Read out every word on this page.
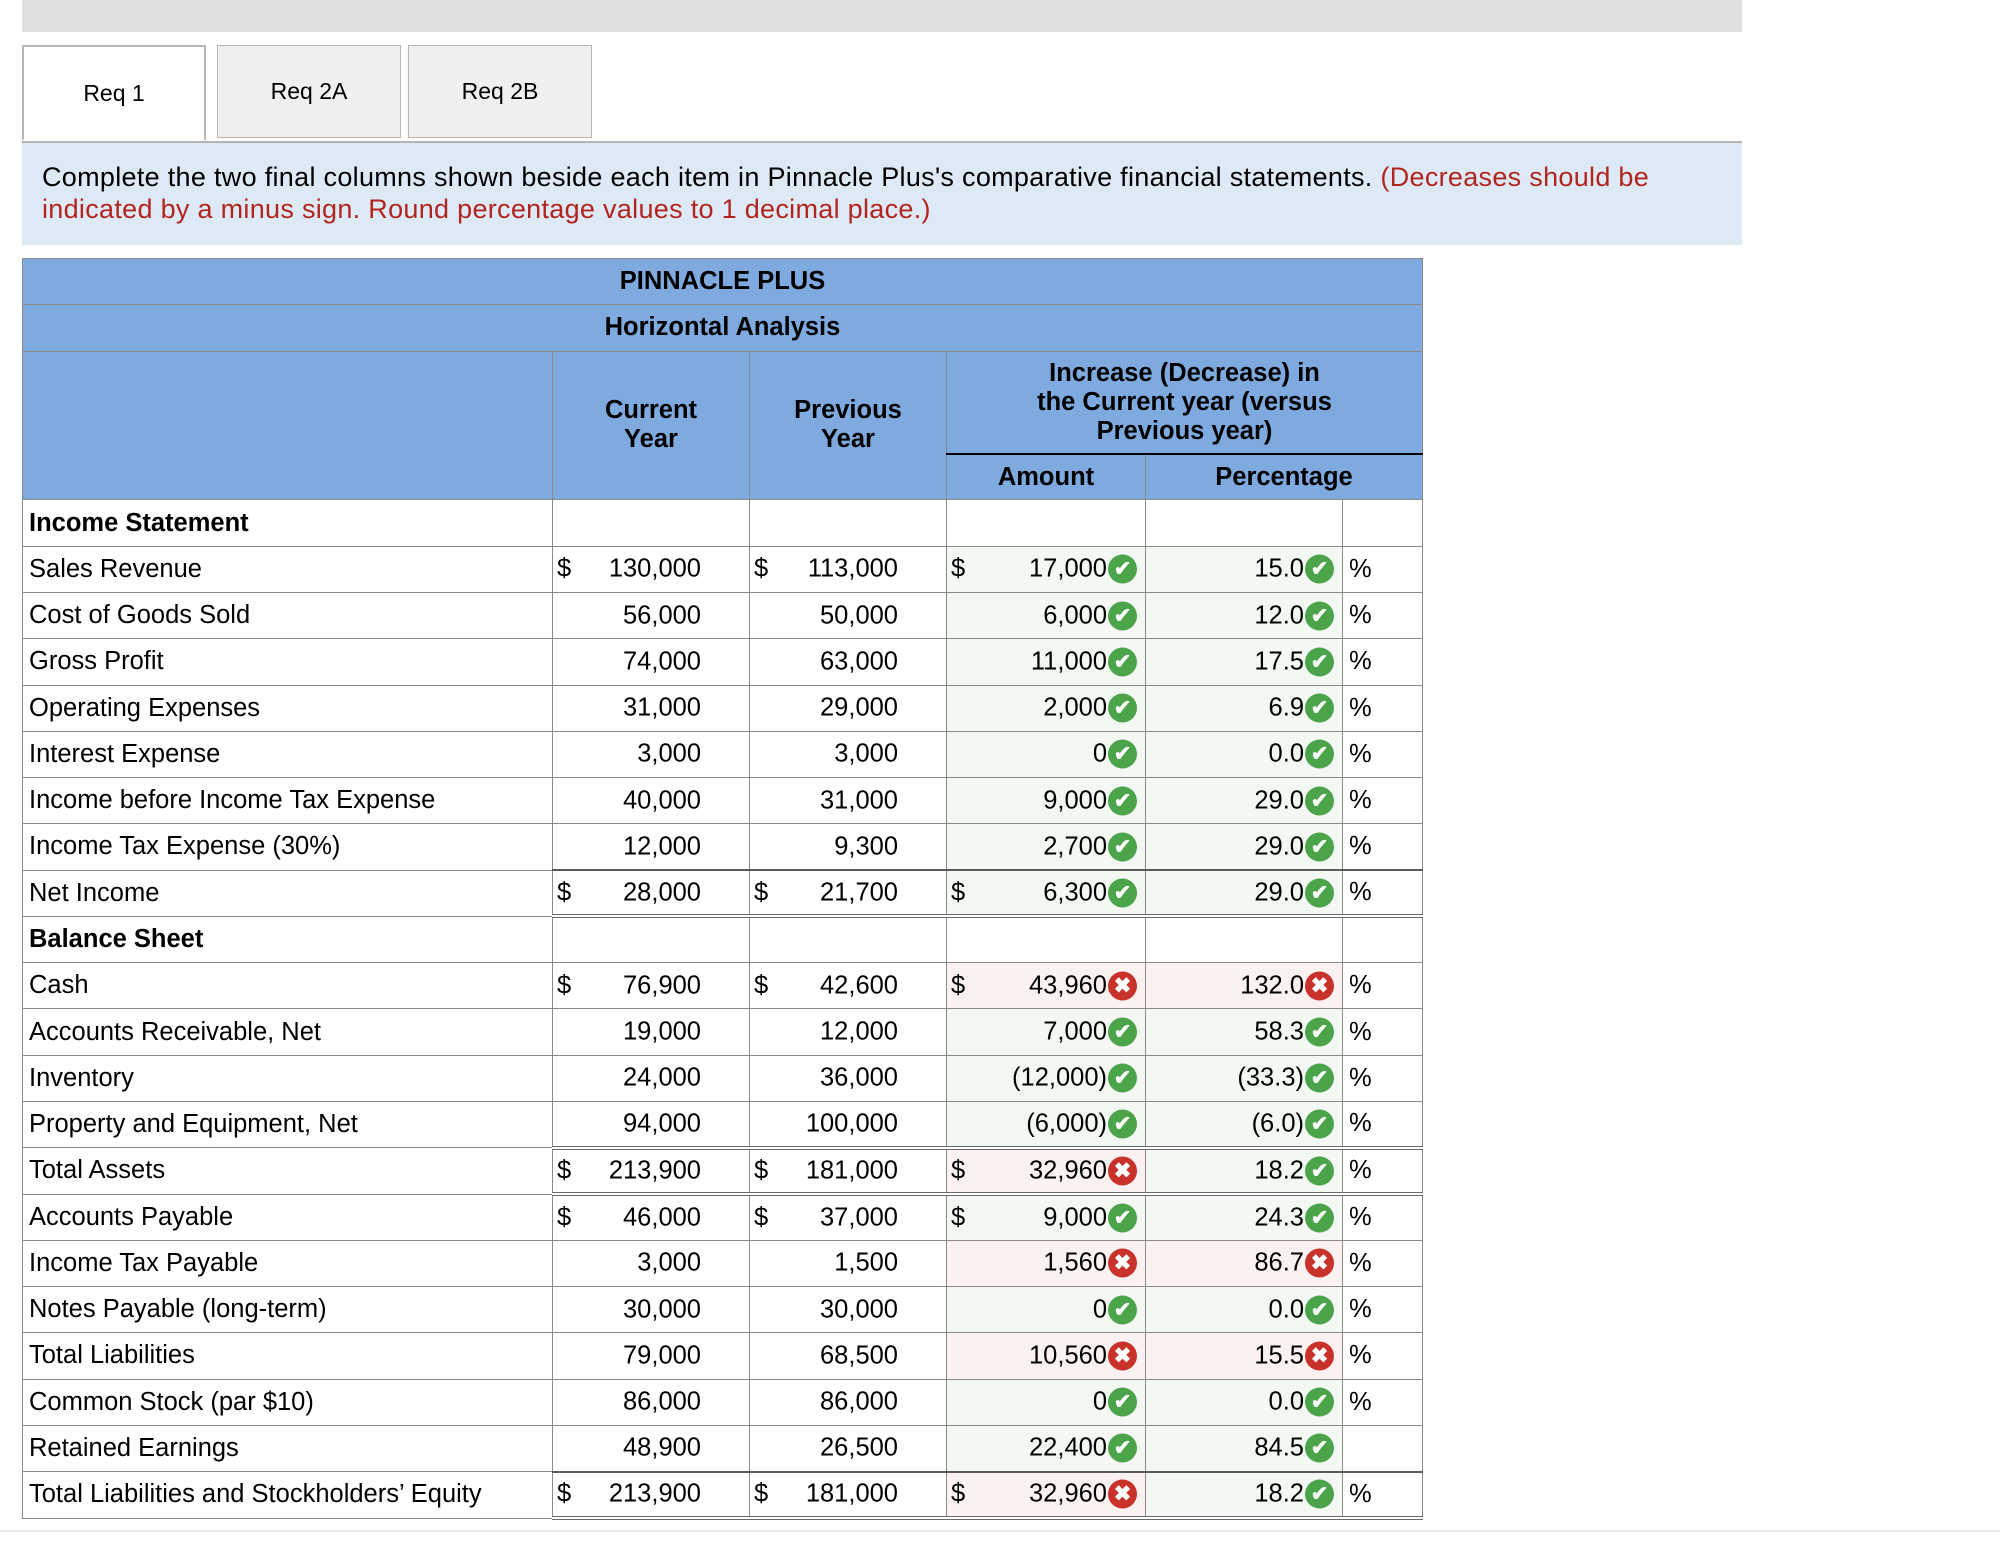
Req 1	Req 2A	Req 2B
Complete the two final columns shown beside each item in Pinnacle Plus's comparative financial statements. (Decreases should be indicated by a minus sign. Round percentage values to 1 decimal place.)
PINNACLE PLUS					
Horizontal Analysis					
	Current Year	Previous Year	Increase (Decrease) in the Current year (versus Previous year)		
			Amount	Percentage	
Income Statement					
Sales Revenue	$ 130,000	$ 113,000	$ 17,000 ✔	15.0 ✔	%
Cost of Goods Sold	56,000	50,000	6,000 ✔	12.0 ✔	%
Gross Profit	74,000	63,000	11,000 ✔	17.5 ✔	%
Operating Expenses	31,000	29,000	2,000 ✔	6.9 ✔	%
Interest Expense	3,000	3,000	0 ✔	0.0 ✔	%
Income before Income Tax Expense	40,000	31,000	9,000 ✔	29.0 ✔	%
Income Tax Expense (30%)	12,000	9,300	2,700 ✔	29.0 ✔	%
Net Income	$ 28,000	$ 21,700	$ 6,300 ✔	29.0 ✔	%
Balance Sheet					
Cash	$ 76,900	$ 42,600	$ 43,960 ✖	132.0 ✖	%
Accounts Receivable, Net	19,000	12,000	7,000 ✔	58.3 ✔	%
Inventory	24,000	36,000	(12,000) ✔	(33.3) ✔	%
Property and Equipment, Net	94,000	100,000	(6,000) ✔	(6.0) ✔	%
Total Assets	$ 213,900	$ 181,000	$ 32,960 ✖	18.2 ✔	%
Accounts Payable	$ 46,000	$ 37,000	$ 9,000 ✔	24.3 ✔	%
Income Tax Payable	3,000	1,500	1,560 ✖	86.7 ✖	%
Notes Payable (long-term)	30,000	30,000	0 ✔	0.0 ✔	%
Total Liabilities	79,000	68,500	10,560 ✖	15.5 ✖	%
Common Stock (par $10)	86,000	86,000	0 ✔	0.0 ✔	%
Retained Earnings	48,900	26,500	22,400 ✔	84.5 ✔	

Total Liabilities and Stockholders’ Equity	$ 213,900	$ 181,000	$ 32,960 ✖	18.2 ✔	%
